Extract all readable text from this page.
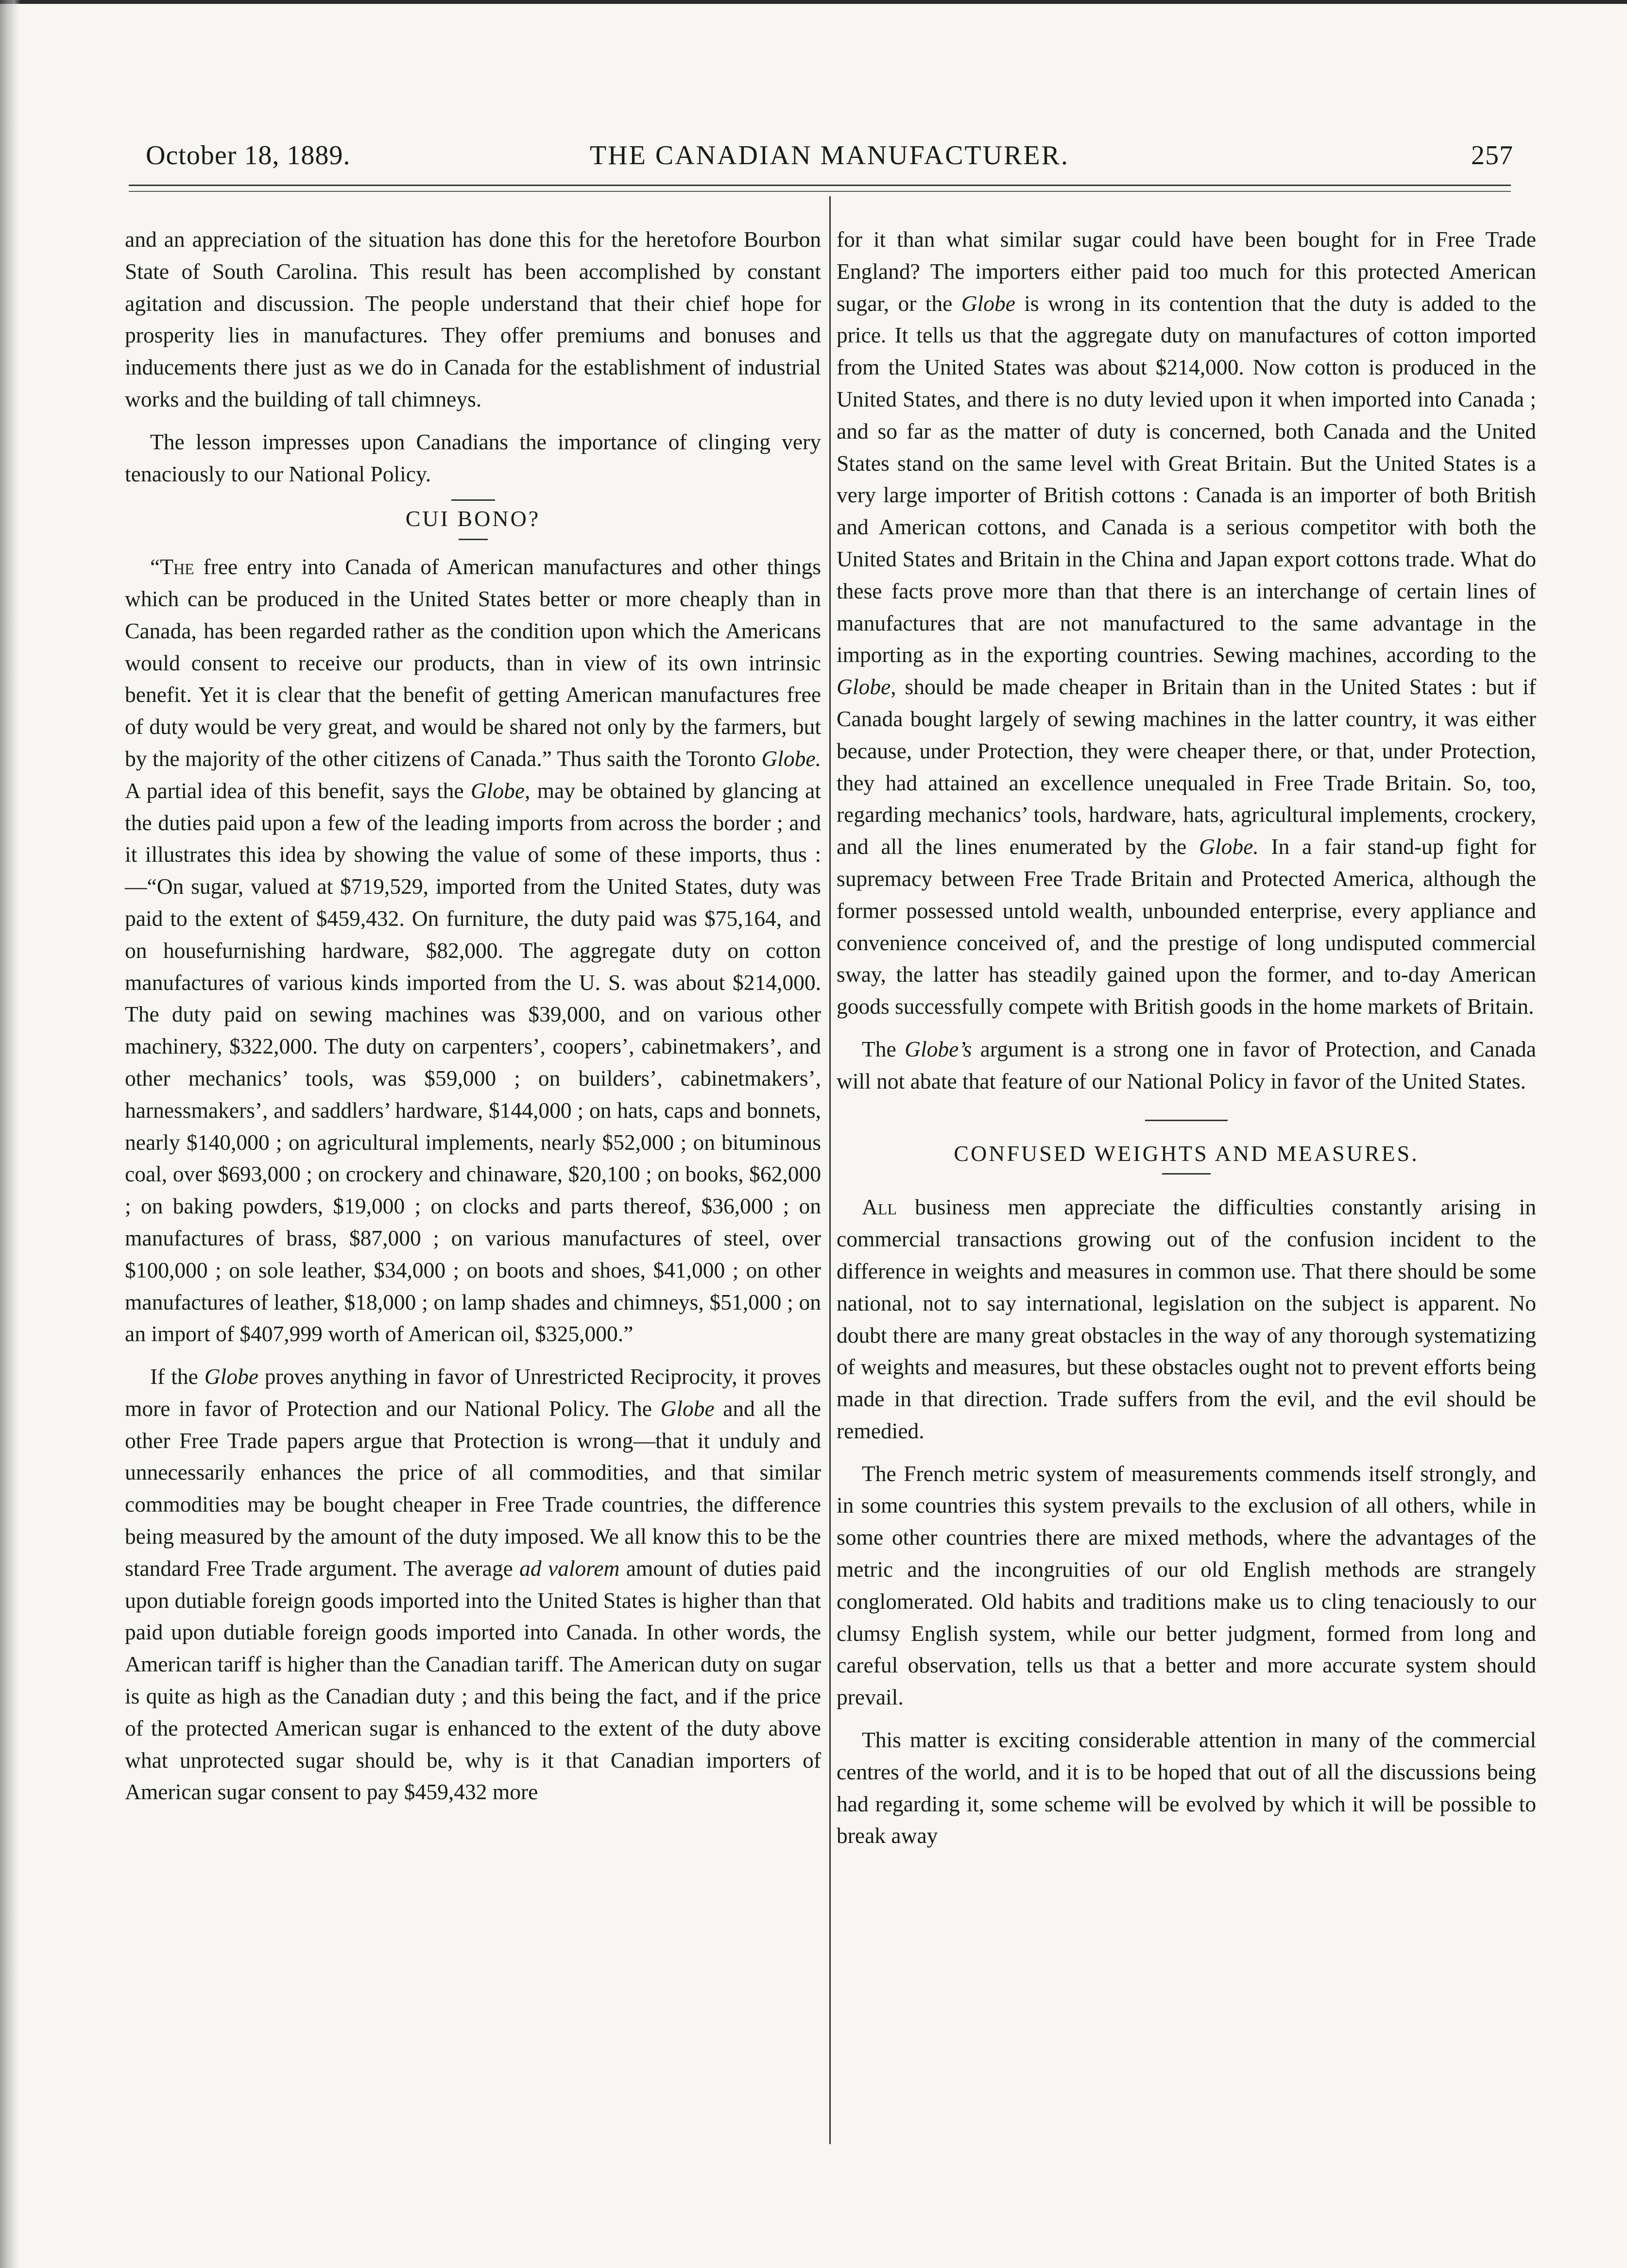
October 18, 1889.	THE CANADIAN MANUFACTURER.	257

and an appreciation of the situation has done this for the heretofore Bourbon State of South Carolina. This result has been accomplished by constant agitation and discussion. The people understand that their chief hope for prosperity lies in manufactures. They offer premiums and bonuses and inducements there just as we do in Canada for the establishment of industrial works and the building of tall chimneys.

The lesson impresses upon Canadians the importance of clinging very tenaciously to our National Policy.

CUI BONO?

“The free entry into Canada of American manufactures and other things which can be produced in the United States better or more cheaply than in Canada, has been regarded rather as the condition upon which the Americans would consent to receive our products, than in view of its own intrinsic benefit. Yet it is clear that the benefit of getting American manufactures free of duty would be very great, and would be shared not only by the farmers, but by the majority of the other citizens of Canada.” Thus saith the Toronto Globe. A partial idea of this benefit, says the Globe, may be obtained by glancing at the duties paid upon a few of the leading imports from across the border ; and it illustrates this idea by showing the value of some of these imports, thus :—“On sugar, valued at $719,529, imported from the United States, duty was paid to the extent of $459,432. On furniture, the duty paid was $75,164, and on housefurnishing hardware, $82,000. The aggregate duty on cotton manufactures of various kinds imported from the U. S. was about $214,000. The duty paid on sewing machines was $39,000, and on various other machinery, $322,000. The duty on carpenters’, coopers’, cabinetmakers’, and other mechanics’ tools, was $59,000 ; on builders’, cabinetmakers’, harnessmakers’, and saddlers’ hardware, $144,000 ; on hats, caps and bonnets, nearly $140,000 ; on agricultural implements, nearly $52,000 ; on bituminous coal, over $693,000 ; on crockery and chinaware, $20,100 ; on books, $62,000 ; on baking powders, $19,000 ; on clocks and parts thereof, $36,000 ; on manufactures of brass, $87,000 ; on various manufactures of steel, over $100,000 ; on sole leather, $34,000 ; on boots and shoes, $41,000 ; on other manufactures of leather, $18,000 ; on lamp shades and chimneys, $51,000 ; on an import of $407,999 worth of American oil, $325,000.”

If the Globe proves anything in favor of Unrestricted Reciprocity, it proves more in favor of Protection and our National Policy. The Globe and all the other Free Trade papers argue that Protection is wrong—that it unduly and unnecessarily enhances the price of all commodities, and that similar commodities may be bought cheaper in Free Trade countries, the difference being measured by the amount of the duty imposed. We all know this to be the standard Free Trade argument. The average ad valorem amount of duties paid upon dutiable foreign goods imported into the United States is higher than that paid upon dutiable foreign goods imported into Canada. In other words, the American tariff is higher than the Canadian tariff. The American duty on sugar is quite as high as the Canadian duty ; and this being the fact, and if the price of the protected American sugar is enhanced to the extent of the duty above what unprotected sugar should be, why is it that Canadian importers of American sugar consent to pay $459,432 more

for it than what similar sugar could have been bought for in Free Trade England? The importers either paid too much for this protected American sugar, or the Globe is wrong in its contention that the duty is added to the price. It tells us that the aggregate duty on manufactures of cotton imported from the United States was about $214,000. Now cotton is produced in the United States, and there is no duty levied upon it when imported into Canada ; and so far as the matter of duty is concerned, both Canada and the United States stand on the same level with Great Britain. But the United States is a very large importer of British cottons : Canada is an importer of both British and American cottons, and Canada is a serious competitor with both the United States and Britain in the China and Japan export cottons trade. What do these facts prove more than that there is an interchange of certain lines of manufactures that are not manufactured to the same advantage in the importing as in the exporting countries. Sewing machines, according to the Globe, should be made cheaper in Britain than in the United States : but if Canada bought largely of sewing machines in the latter country, it was either because, under Protection, they were cheaper there, or that, under Protection, they had attained an excellence unequaled in Free Trade Britain. So, too, regarding mechanics’ tools, hardware, hats, agricultural implements, crockery, and all the lines enumerated by the Globe. In a fair stand-up fight for supremacy between Free Trade Britain and Protected America, although the former possessed untold wealth, unbounded enterprise, every appliance and convenience conceived of, and the prestige of long undisputed commercial sway, the latter has steadily gained upon the former, and to-day American goods successfully compete with British goods in the home markets of Britain.

The Globe’s argument is a strong one in favor of Protection, and Canada will not abate that feature of our National Policy in favor of the United States.

CONFUSED WEIGHTS AND MEASURES.

All business men appreciate the difficulties constantly arising in commercial transactions growing out of the confusion incident to the difference in weights and measures in common use. That there should be some national, not to say international, legislation on the subject is apparent. No doubt there are many great obstacles in the way of any thorough systematizing of weights and measures, but these obstacles ought not to prevent efforts being made in that direction. Trade suffers from the evil, and the evil should be remedied.

The French metric system of measurements commends itself strongly, and in some countries this system prevails to the exclusion of all others, while in some other countries there are mixed methods, where the advantages of the metric and the incongruities of our old English methods are strangely conglomerated. Old habits and traditions make us to cling tenaciously to our clumsy English system, while our better judgment, formed from long and careful observation, tells us that a better and more accurate system should prevail.

This matter is exciting considerable attention in many of the commercial centres of the world, and it is to be hoped that out of all the discussions being had regarding it, some scheme will be evolved by which it will be possible to break away
